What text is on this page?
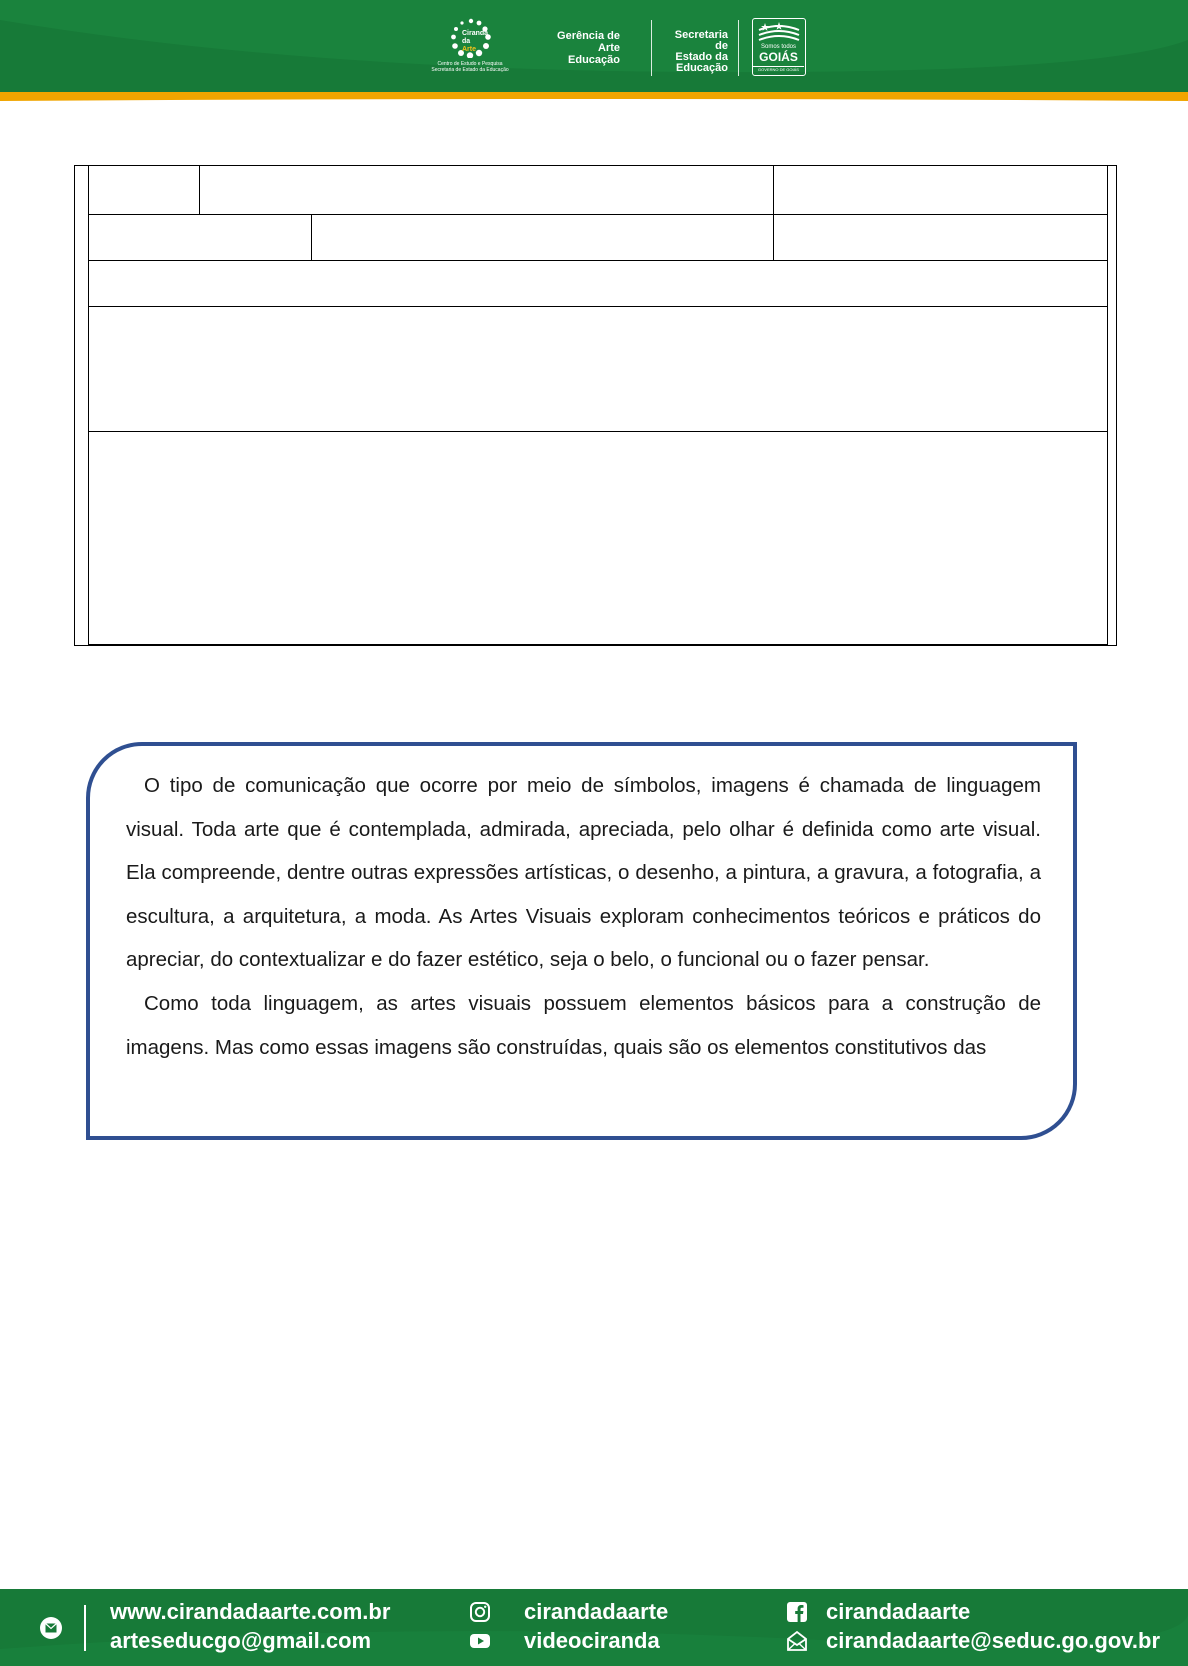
Ciranda
da
Arte
Centro de Estudo e Pesquisa
Secretaria de Estado da Educação
Gerência de Arte
Educação
Secretaria de
Estado da
Educação
Somos todos
GOIÁS
GOVERNO DE GOIÁS

O tipo de comunicação que ocorre por meio de símbolos, imagens é chamada de linguagem visual. Toda arte que é contemplada, admirada, apreciada, pelo olhar é definida como arte visual. Ela compreende, dentre outras expressões artísticas, o desenho, a pintura, a gravura, a fotografia, a escultura, a arquitetura, a moda. As Artes Visuais exploram conhecimentos teóricos e práticos do apreciar, do contextualizar e do fazer estético, seja o belo, o funcional ou o fazer pensar.

Como toda linguagem, as artes visuais possuem elementos básicos para a construção de imagens. Mas como essas imagens são construídas, quais são os elementos constitutivos das

www.cirandadaarte.com.br
arteseducgo@gmail.com
cirandadaarte
videociranda
cirandadaarte
cirandadaarte@seduc.go.gov.br
